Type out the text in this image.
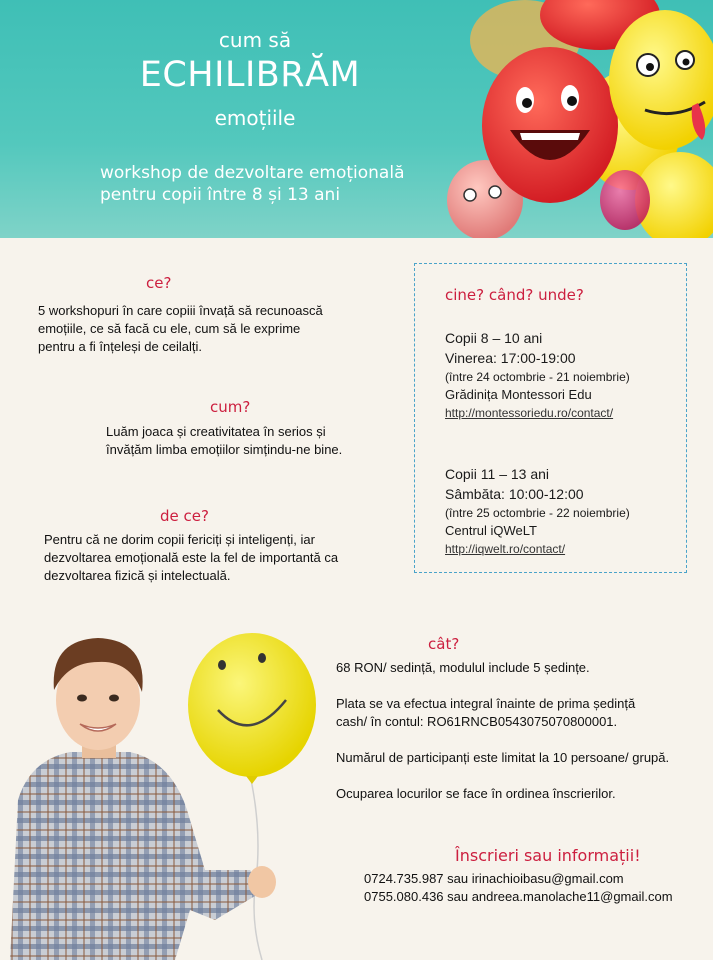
cum să
ECHILIBRĂM
emoțiile
workshop de dezvoltare emoțională
pentru copii între 8 și 13 ani
ce?
5 workshopuri în care copiii învață să recunoască
emoțiile, ce să facă cu ele, cum să le exprime
pentru a fi înțeleși de ceilalți.
cum?
Luăm joaca și creativitatea în serios și
învățăm limba emoțiilor simțindu-ne bine.
de ce?
Pentru că ne dorim copii fericiți și inteligenți, iar
dezvoltarea emoțională este la fel de importantă ca
dezvoltarea fizică și intelectuală.
cine? când? unde?
Copii 8 – 10 ani
Vinerea: 17:00-19:00
(între 24 octombrie - 21 noiembrie)
Grădinița Montessori Edu
http://montessoriedu.ro/contact/
Copii 11 – 13 ani
Sâmbăta: 10:00-12:00
(între 25 octombrie - 22 noiembrie)
Centrul iQWeLT
http://iqwelt.ro/contact/
cât?
68 RON/ sedință, modulul include 5 ședințe.
Plata se va efectua integral înainte de prima ședință
cash/ în contul: RO61RNCB0543075070800001.
Numărul de participanți este limitat la 10 persoane/ grupă.
Ocuparea locurilor se face în ordinea înscrierilor.
Înscrieri sau informații!
0724.735.987 sau irinachioibasu@gmail.com
0755.080.436 sau andreea.manolache11@gmail.com
